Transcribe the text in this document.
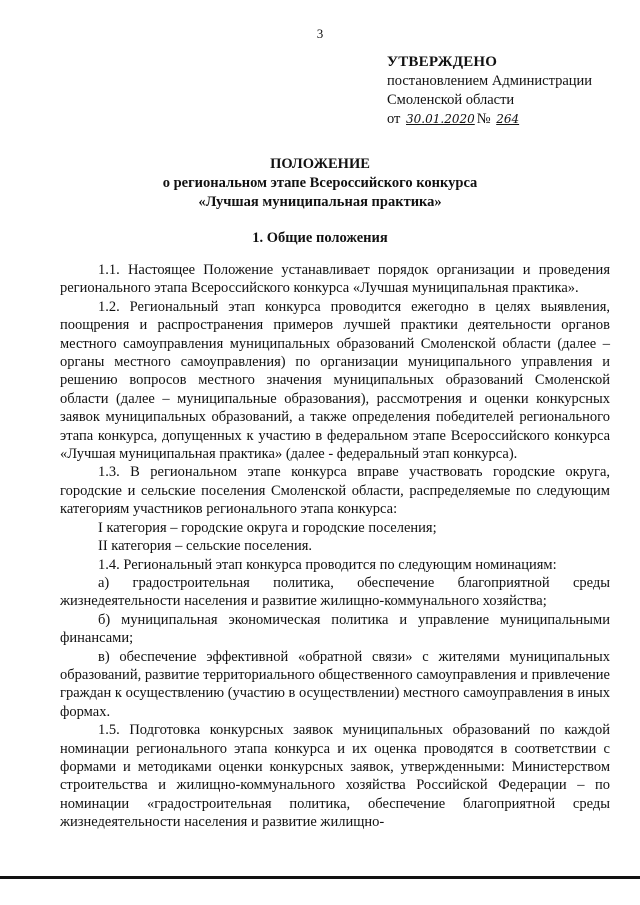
3
УТВЕРЖДЕНО
постановлением Администрации
Смоленской области
от 30.01.2020 № 264
ПОЛОЖЕНИЕ
о региональном этапе Всероссийского конкурса
«Лучшая муниципальная практика»
1. Общие положения

1.1. Настоящее Положение устанавливает порядок организации и проведения регионального этапа Всероссийского конкурса «Лучшая муниципальная практика».

1.2. Региональный этап конкурса проводится ежегодно в целях выявления, поощрения и распространения примеров лучшей практики деятельности органов местного самоуправления муниципальных образований Смоленской области (далее – органы местного самоуправления) по организации муниципального управления и решению вопросов местного значения муниципальных образований Смоленской области (далее – муниципальные образования), рассмотрения и оценки конкурсных заявок муниципальных образований, а также определения победителей регионального этапа конкурса, допущенных к участию в федеральном этапе Всероссийского конкурса «Лучшая муниципальная практика» (далее - федеральный этап конкурса).

1.3. В региональном этапе конкурса вправе участвовать городские округа, городские и сельские поселения Смоленской области, распределяемые по следующим категориям участников регионального этапа конкурса:

I категория – городские округа и городские поселения;

II категория – сельские поселения.

1.4. Региональный этап конкурса проводится по следующим номинациям:

а) градостроительная политика, обеспечение благоприятной среды жизнедеятельности населения и развитие жилищно-коммунального хозяйства;

б) муниципальная экономическая политика и управление муниципальными финансами;

в) обеспечение эффективной «обратной связи» с жителями муниципальных образований, развитие территориального общественного самоуправления и привлечение граждан к осуществлению (участию в осуществлении) местного самоуправления в иных формах.

1.5. Подготовка конкурсных заявок муниципальных образований по каждой номинации регионального этапа конкурса и их оценка проводятся в соответствии с формами и методиками оценки конкурсных заявок, утвержденными: Министерством строительства и жилищно-коммунального хозяйства Российской Федерации – по номинации «градостроительная политика, обеспечение благоприятной среды жизнедеятельности населения и развитие жилищно-
